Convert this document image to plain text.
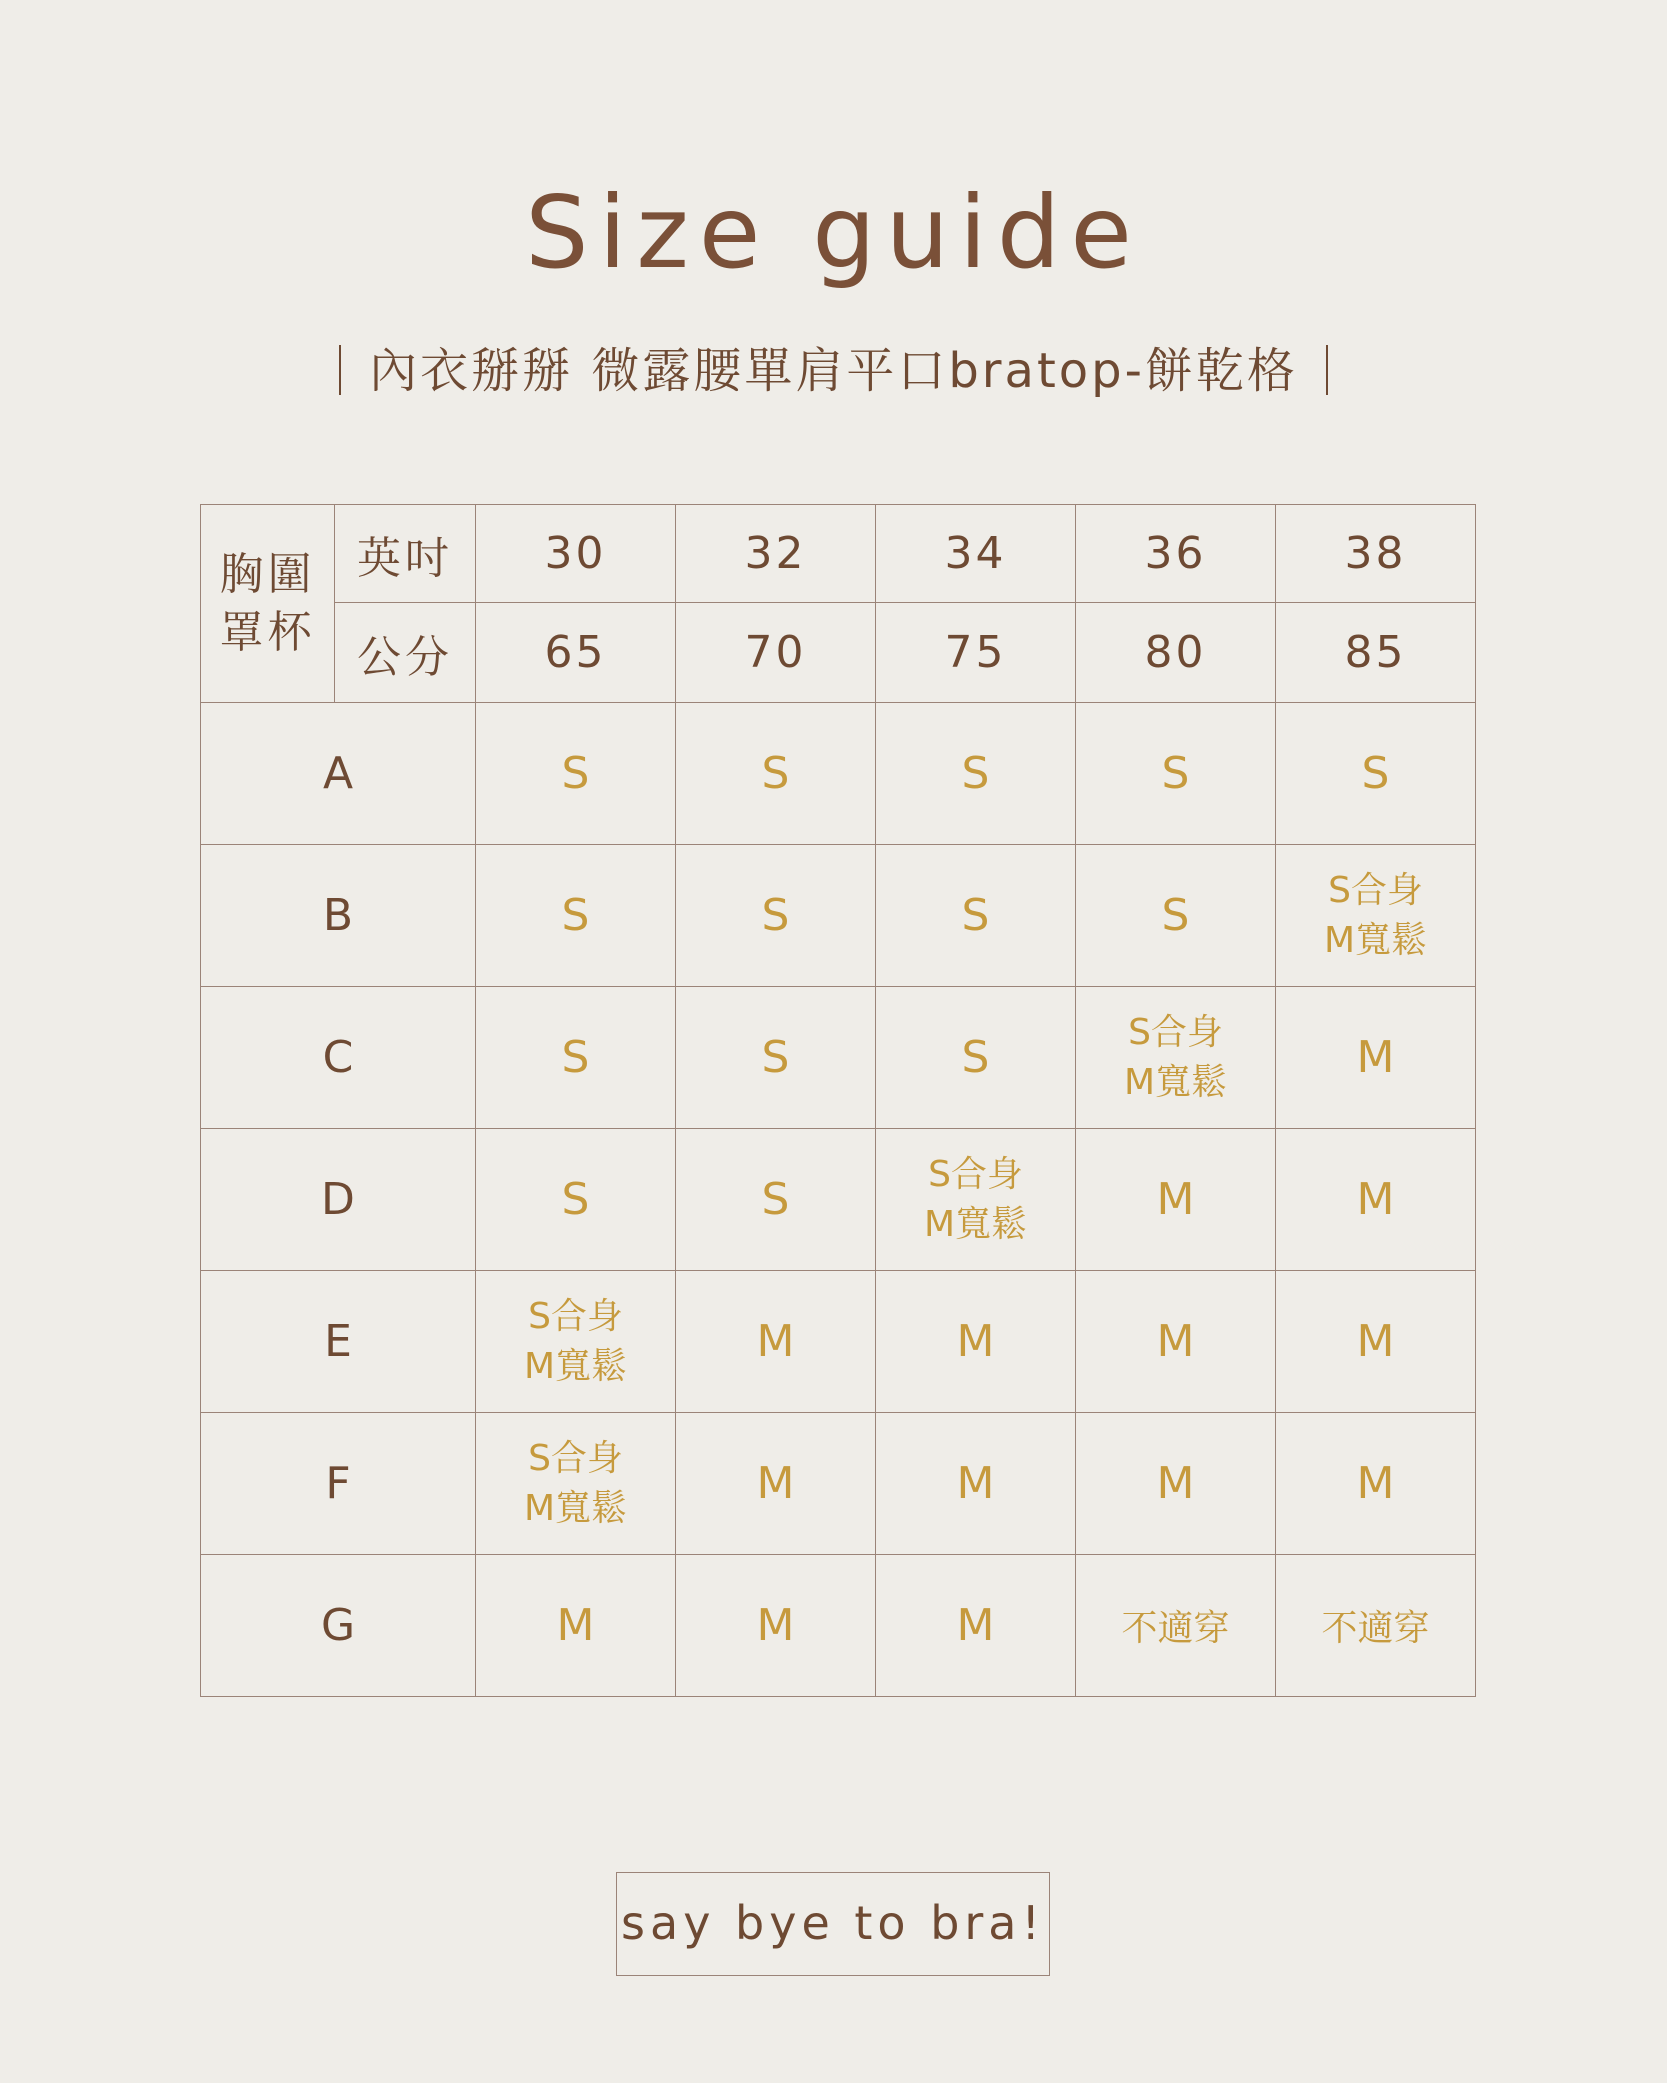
Size guide
內衣掰掰 微露腰單肩平口bratop-餅乾格
胸圍
罩杯	英吋	30	32	34	36	38
	公分	65	70	75	80	85
A		S	S	S	S	S
B		S	S	S	S	S合身
M寬鬆

C		S	S	S	S合身
M寬鬆	M
D		S	S	S合身
M寬鬆	M	M
E		S合身
M寬鬆	M	M	M	M
F		S合身
M寬鬆	M	M	M	M
G		M	M	M	不適穿	不適穿
say bye to bra!
